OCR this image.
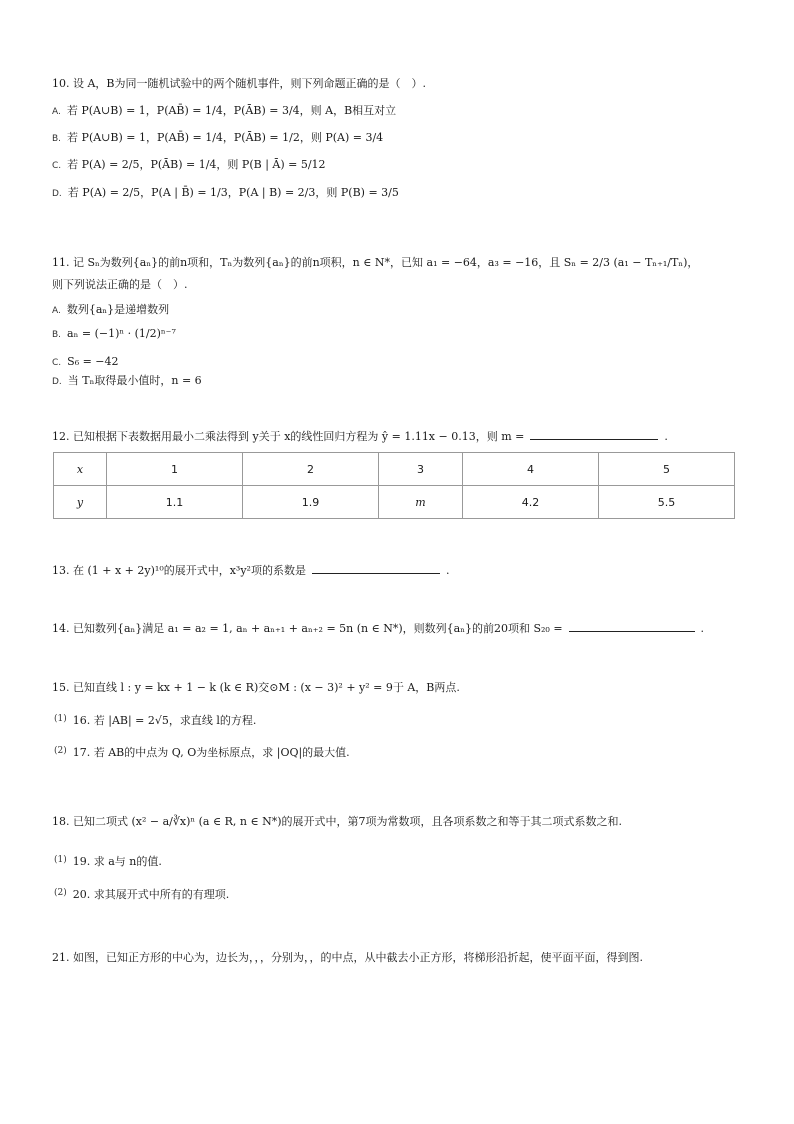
10. 设 A，B为同一随机试验中的两个随机事件，则下列命题正确的是（　）.
A. 若 P(A∪B) = 1，P(AB̄) = 1/4，P(ĀB) = 3/4，则 A，B相互对立
B. 若 P(A∪B) = 1，P(AB̄) = 1/4，P(ĀB) = 1/2，则 P(A) = 3/4
C. 若 P(A) = 2/5，P(ĀB) = 1/4，则 P(B | Ā) = 5/12
D. 若 P(A) = 2/5，P(A | B̄) = 1/3，P(A | B) = 2/3，则 P(B) = 3/5
11. 记 Sₙ为数列{aₙ}的前n项和，Tₙ为数列{aₙ}的前n项积，n ∈ N*，已知 a₁ = −64，a₃ = −16，且 Sₙ = 2/3 (a₁ − Tₙ₊₁/Tₙ)，
则下列说法正确的是（　）.
A. 数列{aₙ}是递增数列
B. aₙ = (−1)ⁿ · (1/2)ⁿ⁻⁷
C. S₆ = −42
D. 当 Tₙ取得最小值时，n = 6
12. 已知根据下表数据用最小二乘法得到 y关于 x的线性回归方程为 ŷ = 1.11x − 0.13，则 m =	.
x	1	2	3	4	5
y	1.1	1.9	m	4.2	5.5
13. 在 (1 + x + 2y)¹⁰的展开式中，x³y²项的系数是	.
14. 已知数列{aₙ}满足 a₁ = a₂ = 1, aₙ + aₙ₊₁ + aₙ₊₂ = 5n (n ∈ N*)，则数列{aₙ}的前20项和 S₂₀ =	.
15. 已知直线 l : y = kx + 1 − k (k ∈ R)交⊙M : (x − 3)² + y² = 9于 A，B两点.
$^{(1)}$ 16. 若 |AB| = 2√5，求直线 l的方程.
$^{(2)}$ 17. 若 AB的中点为 Q, O为坐标原点，求 |OQ|的最大值.
18. 已知二项式 (x² − a/∛x)ⁿ (a ∈ R, n ∈ N*)的展开式中，第7项为常数项，且各项系数之和等于其二项式系数之和.
$^{(1)}$ 19. 求 a与 n的值.
$^{(2)}$ 20. 求其展开式中所有的有理项.
21. 如图，已知正方形的中心为，边长为，，，分别为，，的中点，从中截去小正方形，将梯形沿折起，使平面平面，得到图.
